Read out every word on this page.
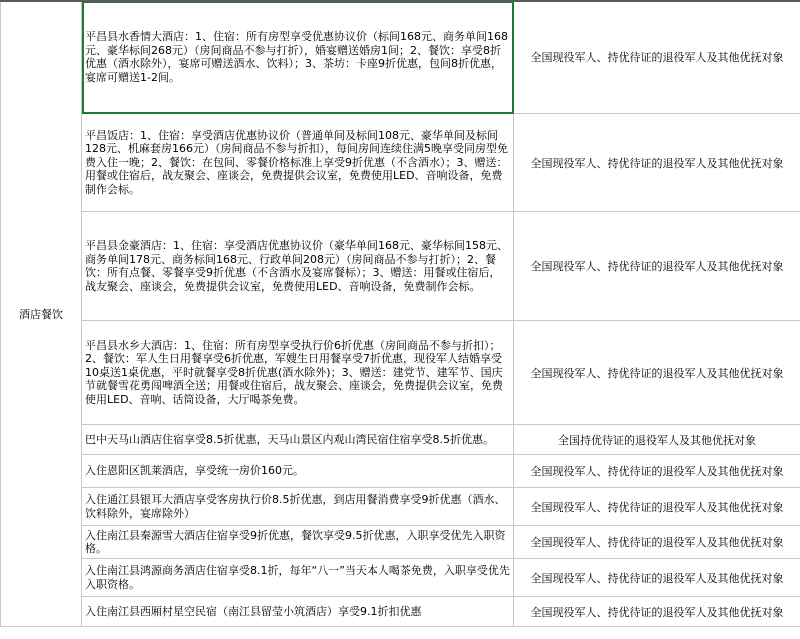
酒店餐饮	平昌县水香情大酒店：1、住宿：所有房型享受优惠协议价（标间168元、商务单间168元、豪华标间268元）（房间商品不参与打折），婚宴赠送婚房1间；2、餐饮：享受8折优惠（酒水除外），宴席可赠送酒水、饮料）；3、茶坊：卡座9折优惠，包间8折优惠，宴席可赠送1-2间。	全国现役军人、持优待证的退役军人及其他优抚对象
	平昌饭店：1、住宿：享受酒店优惠协议价（普通单间及标间108元、豪华单间及标间128元、机麻套房166元）（房间商品不参与折扣），每间房间连续住满5晚享受同房型免费入住一晚；2、餐饮：在包间、零餐价格标准上享受9折优惠（不含酒水）；3、赠送：用餐或住宿后，战友聚会、座谈会，免费提供会议室，免费使用LED、音响设备，免费制作会标。	全国现役军人、持优待证的退役军人及其他优抚对象
	平昌县金豪酒店：1、住宿：享受酒店优惠协议价（豪华单间168元、豪华标间158元、商务单间178元、商务标间168元、行政单间208元）（房间商品不参与打折）；2、餐饮：所有点餐、零餐享受9折优惠（不含酒水及宴席餐标）；3、赠送：用餐或住宿后，战友聚会、座谈会，免费提供会议室，免费使用LED、音响设备，免费制作会标。	全国现役军人、持优待证的退役军人及其他优抚对象
	平昌县水乡大酒店：1、住宿：所有房型享受执行价6折优惠（房间商品不参与折扣）；2、餐饮：军人生日用餐享受6折优惠，军嫂生日用餐享受7折优惠，现役军人结婚享受10桌送1桌优惠，平时就餐享受8折优惠(酒水除外)；3、赠送：建党节、建军节、国庆节就餐雪花勇闯啤酒全送；用餐或住宿后，战友聚会、座谈会，免费提供会议室，免费使用LED、音响、话筒设备，大厅喝茶免费。	全国现役军人、持优待证的退役军人及其他优抚对象
	巴中天马山酒店住宿享受8.5折优惠，天马山景区内观山湾民宿住宿享受8.5折优惠。	全国持优待证的退役军人及其他优抚对象
	入住恩阳区凯莱酒店，享受统一房价160元。	全国现役军人、持优待证的退役军人及其他优抚对象
	入住通江县银耳大酒店享受客房执行价8.5折优惠，到店用餐消费享受9折优惠（酒水、饮料除外，宴席除外）	全国现役军人、持优待证的退役军人及其他优抚对象
	入住南江县秦源雪大酒店住宿享受9折优惠，餐饮享受9.5折优惠，入职享受优先入职资格。	全国现役军人、持优待证的退役军人及其他优抚对象
	入住南江县鸿源商务酒店住宿享受8.1折，每年“八一”当天本人喝茶免费，入职享受优先入职资格。	全国现役军人、持优待证的退役军人及其他优抚对象
	入住南江县西厢村星空民宿（南江县留莹小筑酒店）享受9.1折扣优惠	全国现役军人、持优待证的退役军人及其他优抚对象
